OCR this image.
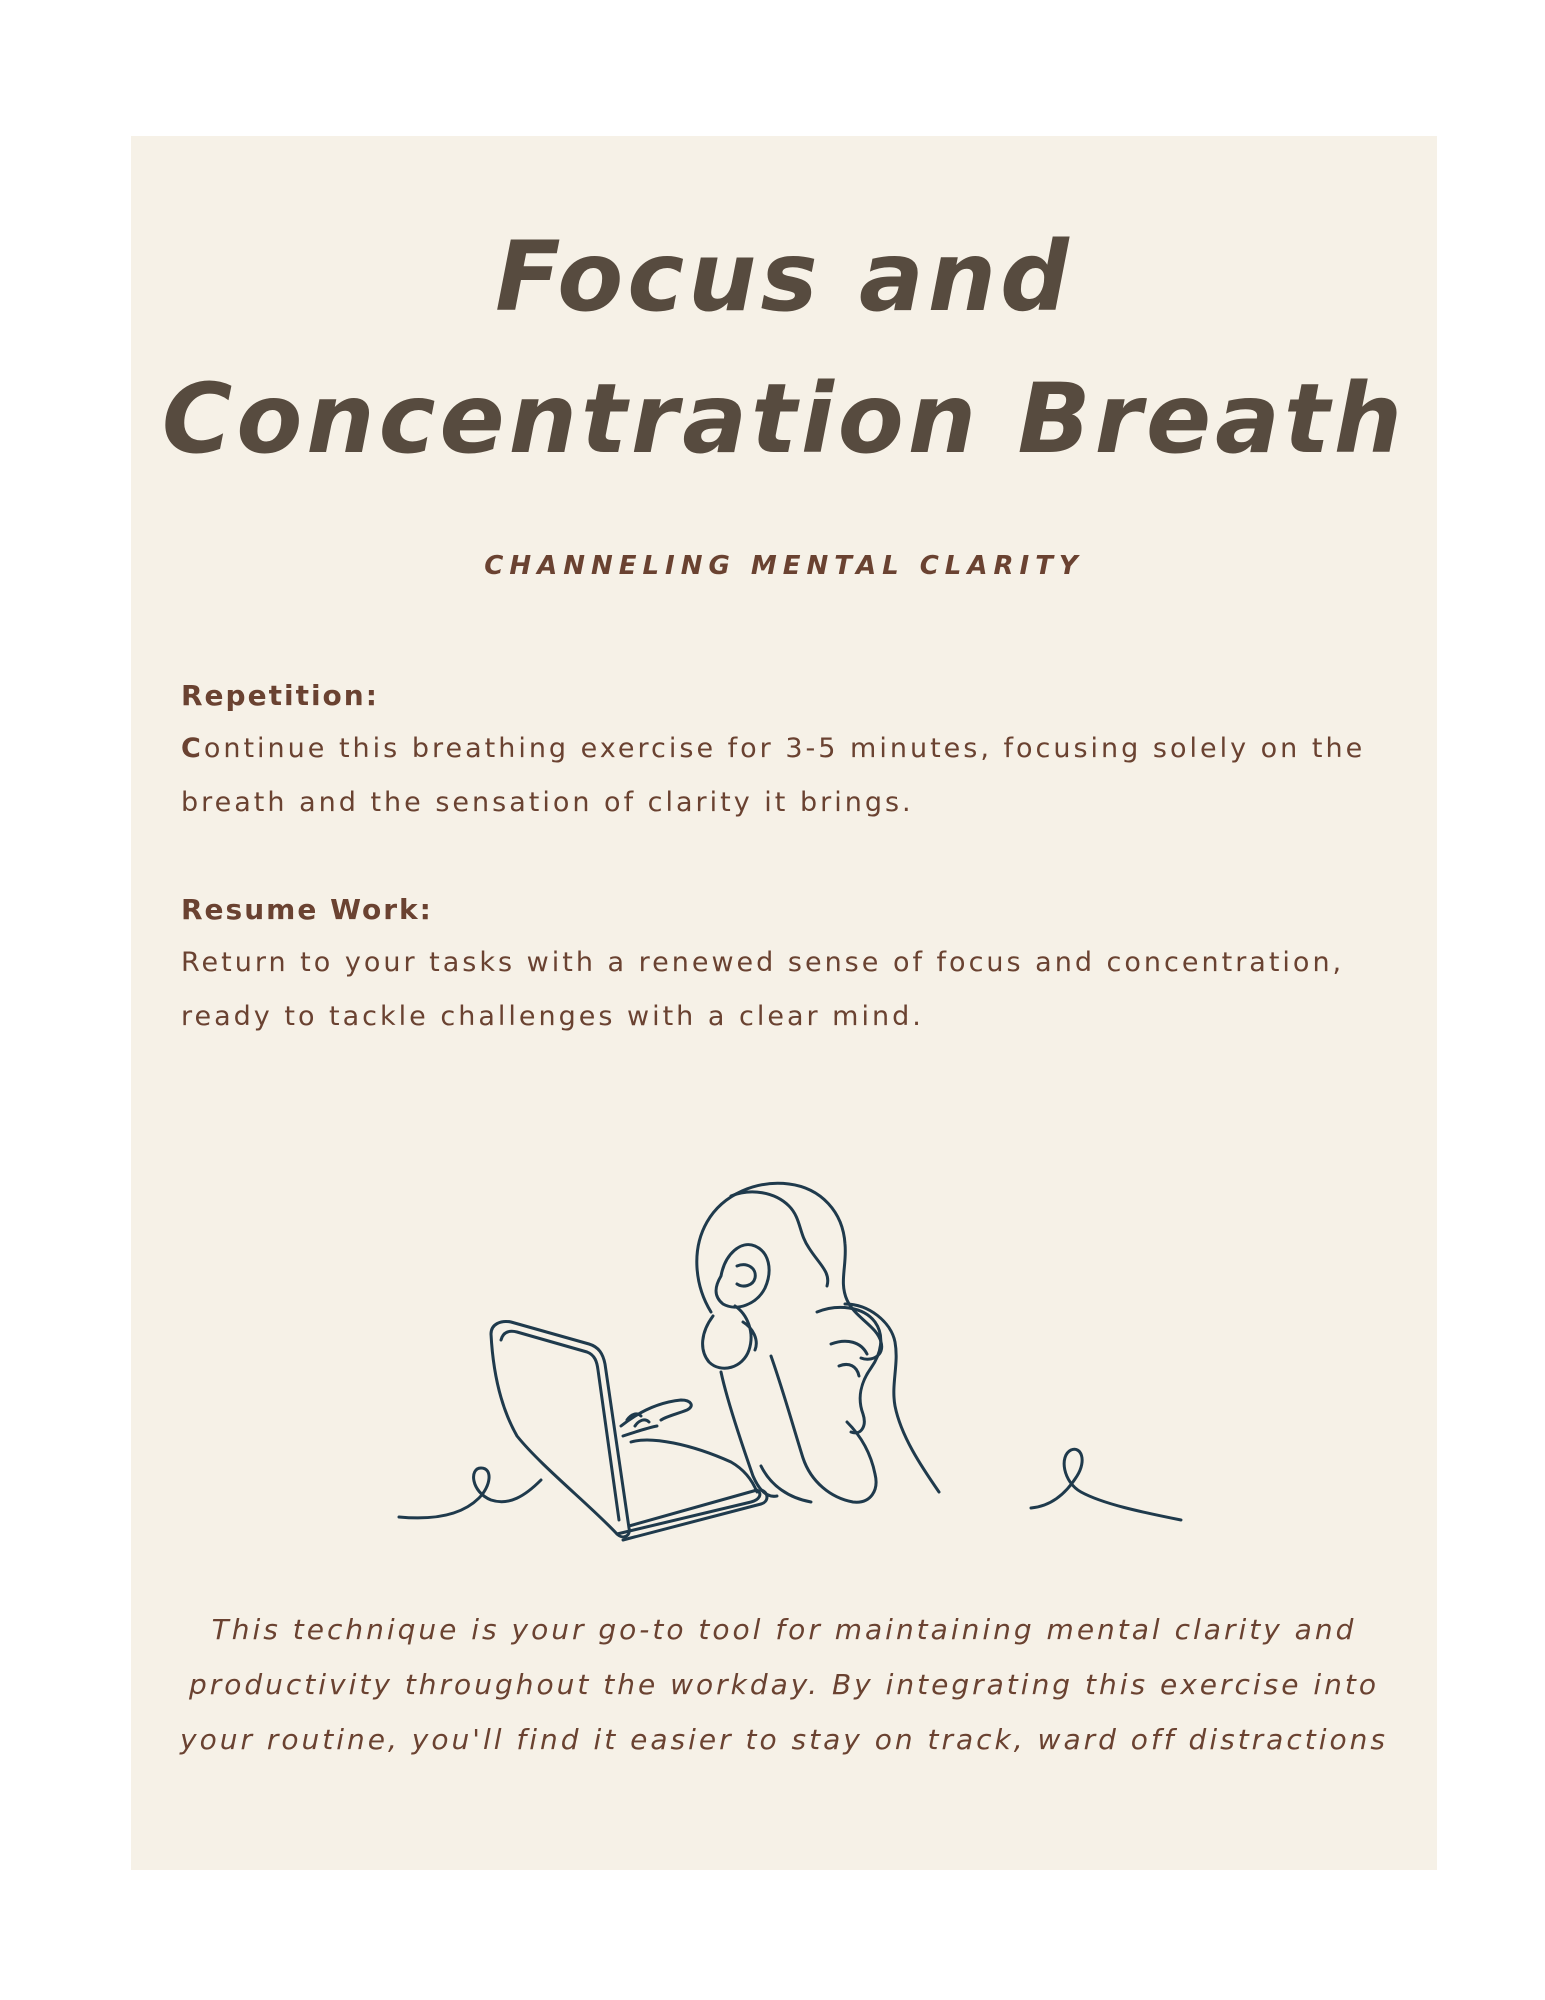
Focus and Concentration Breath
CHANNELING MENTAL CLARITY

Repetition:

Continue this breathing exercise for 3-5 minutes, focusing solely on the breath and the sensation of clarity it brings.

Resume Work:

Return to your tasks with a renewed sense of focus and concentration, ready to tackle challenges with a clear mind.

This technique is your go-to tool for maintaining mental clarity and productivity throughout the workday. By integrating this exercise into your routine, you'll find it easier to stay on track, ward off distractions
